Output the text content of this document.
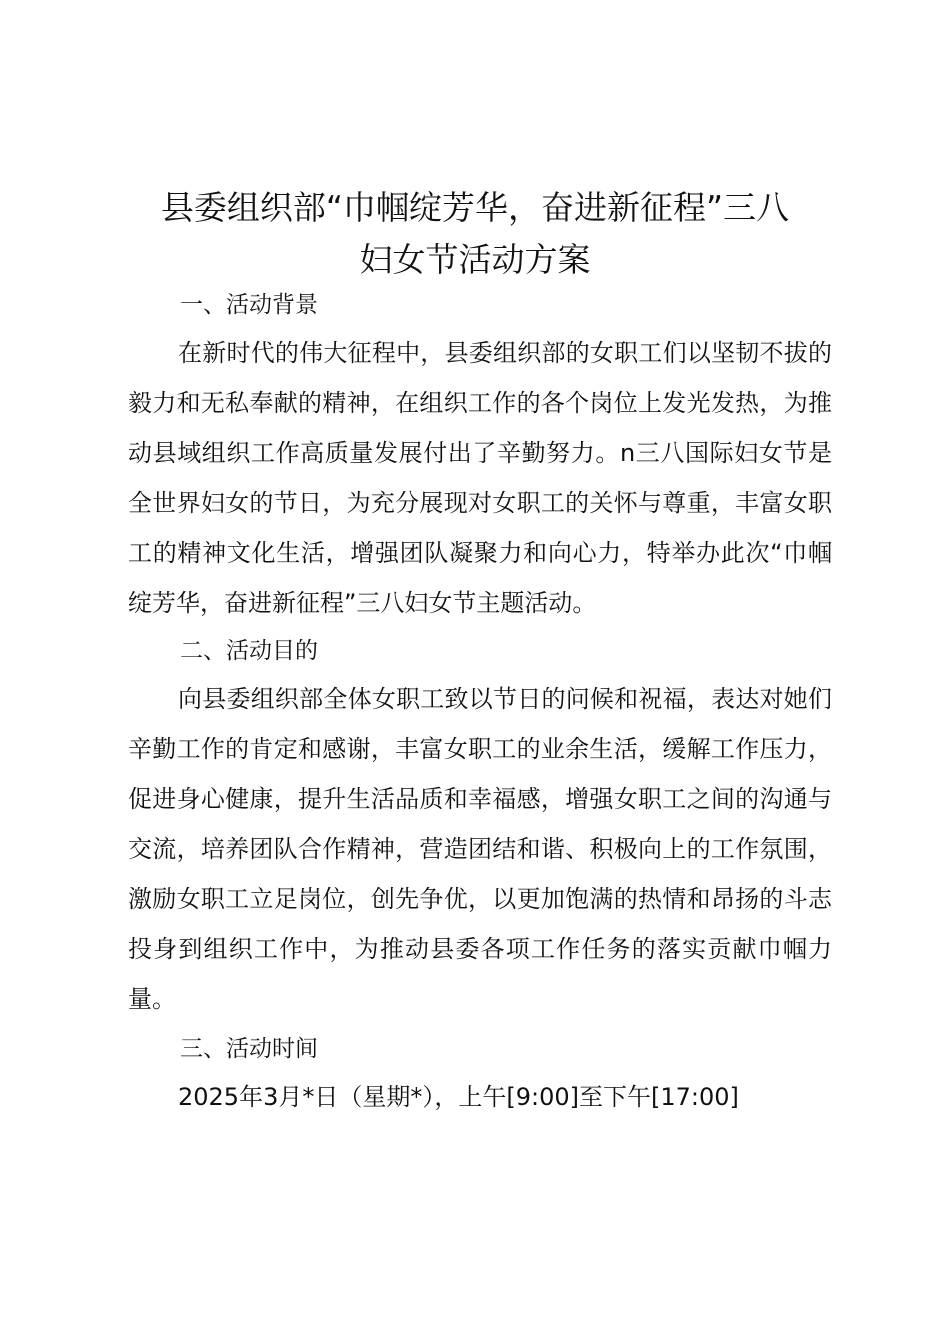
县委组织部“巾帼绽芳华，奋进新征程”三八
妇女节活动方案
一、活动背景

在新时代的伟大征程中，县委组织部的女职工们以坚韧不拔的毅力和无私奉献的精神，在组织工作的各个岗位上发光发热，为推动县域组织工作高质量发展付出了辛勤努力。n三八国际妇女节是全世界妇女的节日，为充分展现对女职工的关怀与尊重，丰富女职工的精神文化生活，增强团队凝聚力和向心力，特举办此次“巾帼绽芳华，奋进新征程”三八妇女节主题活动。

二、活动目的

向县委组织部全体女职工致以节日的问候和祝福，表达对她们辛勤工作的肯定和感谢，丰富女职工的业余生活，缓解工作压力，促进身心健康，提升生活品质和幸福感，增强女职工之间的沟通与交流，培养团队合作精神，营造团结和谐、积极向上的工作氛围，激励女职工立足岗位，创先争优，以更加饱满的热情和昂扬的斗志投身到组织工作中，为推动县委各项工作任务的落实贡献巾帼力量。

三、活动时间

2025年3月*日（星期*），上午[9:00]至下午[17:00]
